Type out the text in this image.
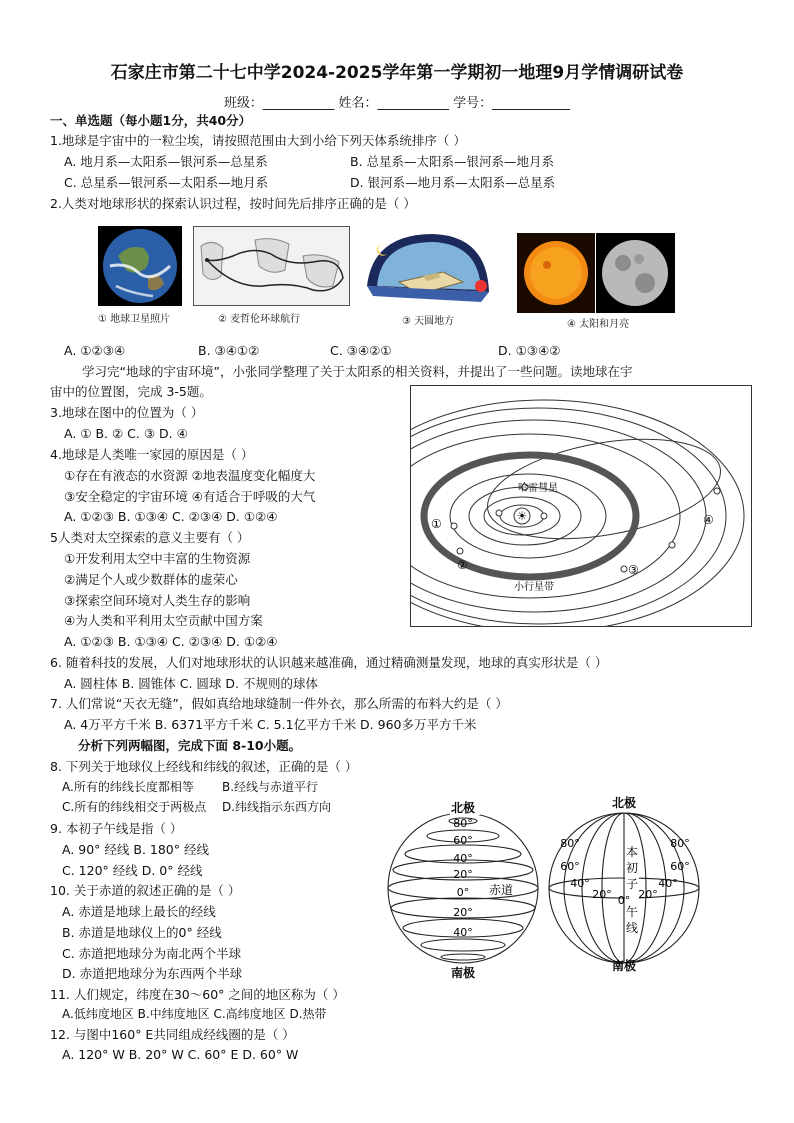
石家庄市第二十七中学2024-2025学年第一学期初一地理9月学情调研试卷
班级：___________ 姓名：___________ 学号：____________
一、单选题（每小题1分，共40分）
1.地球是宇宙中的一粒尘埃，请按照范围由大到小给下列天体系统排序（ ）
A. 地月系—太阳系—银河系—总星系	B. 总星系—太阳系—银河系—地月系
C. 总星系—银河系—太阳系—地月系	D. 银河系—地月系—太阳系—总星系
2.人类对地球形状的探索认识过程，按时间先后排序正确的是（ ）
① 地球卫星照片	② 麦哲伦环球航行	③ 天圆地方	④ 太阳和月亮
A. ①②③④	B. ③④①②	C. ③④②①	D. ①③④②
学习完“地球的宇宙环境”，小张同学整理了关于太阳系的相关资料，并提出了一些问题。读地球在宇
宙中的位置图，完成 3-5题。
3.地球在图中的位置为（ ）
A. ① B. ② C. ③ D. ④
4.地球是人类唯一家园的原因是（ ）
①存在有液态的水资源 ②地表温度变化幅度大
③安全稳定的宇宙环境 ④有适合于呼吸的大气
A. ①②③ B. ①③④ C. ②③④ D. ①②④
5人类对太空探索的意义主要有（ ）
①开发利用太空中丰富的生物资源
②满足个人或少数群体的虚荣心
③探索空间环境对人类生存的影响
④为人类和平利用太空贡献中国方案
A. ①②③ B. ①③④ C. ②③④ D. ①②④
☀
哈雷彗星
小行星带
①
②	③
④
6. 随着科技的发展，人们对地球形状的认识越来越准确，通过精确测量发现，地球的真实形状是（ ）
A. 圆柱体 B. 圆锥体 C. 圆球 D. 不规则的球体
7. 人们常说“天衣无缝”，假如真给地球缝制一件外衣，那么所需的布料大约是（ ）
A. 4万平方千米 B. 6371平方千米 C. 5.1亿平方千米 D. 960多万平方千米
分析下列两幅图，完成下面 8-10小题。
8. 下列关于地球仪上经线和纬线的叙述，正确的是（ ）
A.所有的纬线长度都相等 B.经线与赤道平行
C.所有的纬线相交于两极点 D.纬线指示东西方向
9. 本初子午线是指（ ）
A. 90° 经线 B. 180° 经线
C. 120° 经线 D. 0° 经线
10. 关于赤道的叙述正确的是（ ）
A. 赤道是地球上最长的经线
B. 赤道是地球仪上的0° 经线
C. 赤道把地球分为南北两个半球
D. 赤道把地球分为东西两个半球
11. 人们规定，纬度在30～60° 之间的地区称为（ ）
A.低纬度地区 B.中纬度地区 C.高纬度地区 D.热带
12. 与图中160° E共同组成经线圈的是（ ）
A. 120° W B. 20° W C. 60° E D. 60° W
北极
南极
80°
60°
40°
20°
0°
20°
40°
赤道
北极
南极
本
初
子
午
线
80°
60°
40°
20°
80°
60°
40°
20°
0°
